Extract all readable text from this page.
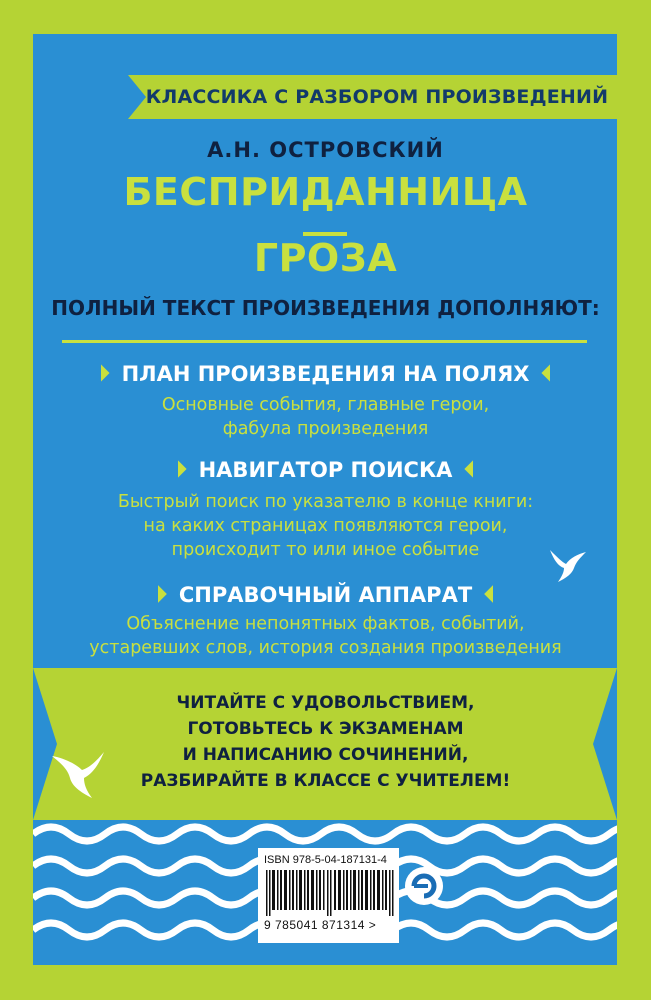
КЛАССИКА С РАЗБОРОМ ПРОИЗВЕДЕНИЙ
А.Н. ОСТРОВСКИЙ
БЕСПРИДАННИЦА
ГРОЗА
ПОЛНЫЙ ТЕКСТ ПРОИЗВЕДЕНИЯ ДОПОЛНЯЮТ:
ПЛАН ПРОИЗВЕДЕНИЯ НА ПОЛЯХ
Основные события, главные герои,
фабула произведения
НАВИГАТОР ПОИСКА
Быстрый поиск по указателю в конце книги:
на каких страницах появляются герои,
происходит то или иное событие
СПРАВОЧНЫЙ АППАРАТ
Объяснение непонятных фактов, событий,
устаревших слов, история создания произведения
ЧИТАЙТЕ С УДОВОЛЬСТВИЕМ,
ГОТОВЬТЕСЬ К ЭКЗАМЕНАМ
И НАПИСАНИЮ СОЧИНЕНИЙ,
РАЗБИРАЙТЕ В КЛАССЕ С УЧИТЕЛЕМ!
ISBN 978-5-04-187131-4
9 785041 871314 >
